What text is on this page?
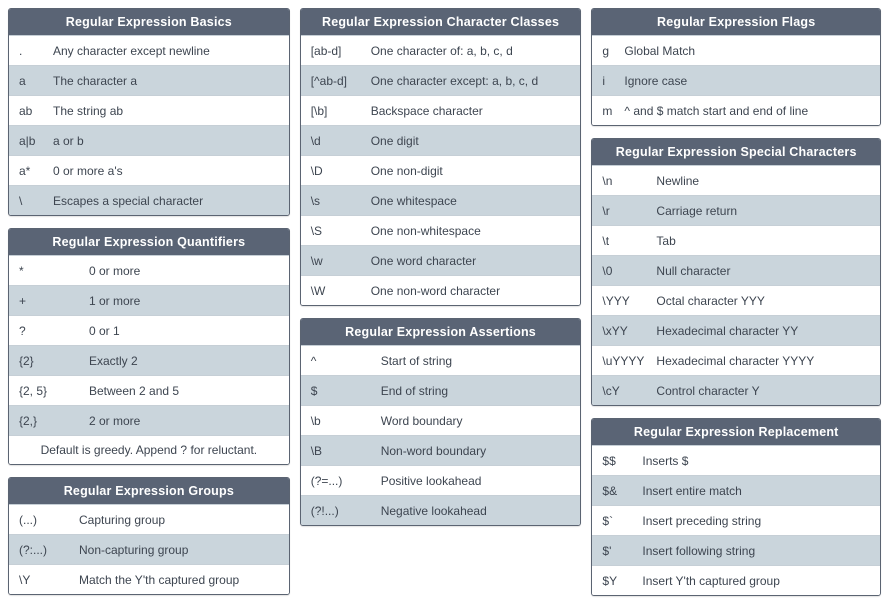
Regular Expression Basics
.	Any character except newline
a	The character a
ab	The string ab
a|b	a or b
a*	0 or more a's
\	Escapes a special character
Regular Expression Quantifiers
*	0 or more
+	1 or more
?	0 or 1
{2}	Exactly 2
{2, 5}	Between 2 and 5
{2,}	2 or more
Default is greedy. Append ? for reluctant.
Regular Expression Groups
(...)	Capturing group
(?:...)	Non-capturing group
\Y	Match the Y'th captured group
Regular Expression Character Classes
[ab-d]	One character of: a, b, c, d
[^ab-d]	One character except: a, b, c, d
[\b]	Backspace character
\d	One digit
\D	One non-digit
\s	One whitespace
\S	One non-whitespace
\w	One word character
\W	One non-word character
Regular Expression Assertions
^	Start of string
$	End of string
\b	Word boundary
\B	Non-word boundary
(?=...)	Positive lookahead
(?!...)	Negative lookahead
Regular Expression Flags
g	Global Match
i	Ignore case
m	^ and $ match start and end of line
Regular Expression Special Characters
\n	Newline
\r	Carriage return
\t	Tab
\0	Null character
\YYY	Octal character YYY
\xYY	Hexadecimal character YY
\uYYYY Hexadecimal character YYYY
\cY	Control character Y
Regular Expression Replacement
$$	Inserts $
$&	Insert entire match
$`	Insert preceding string
$'	Insert following string
$Y	Insert Y'th captured group
